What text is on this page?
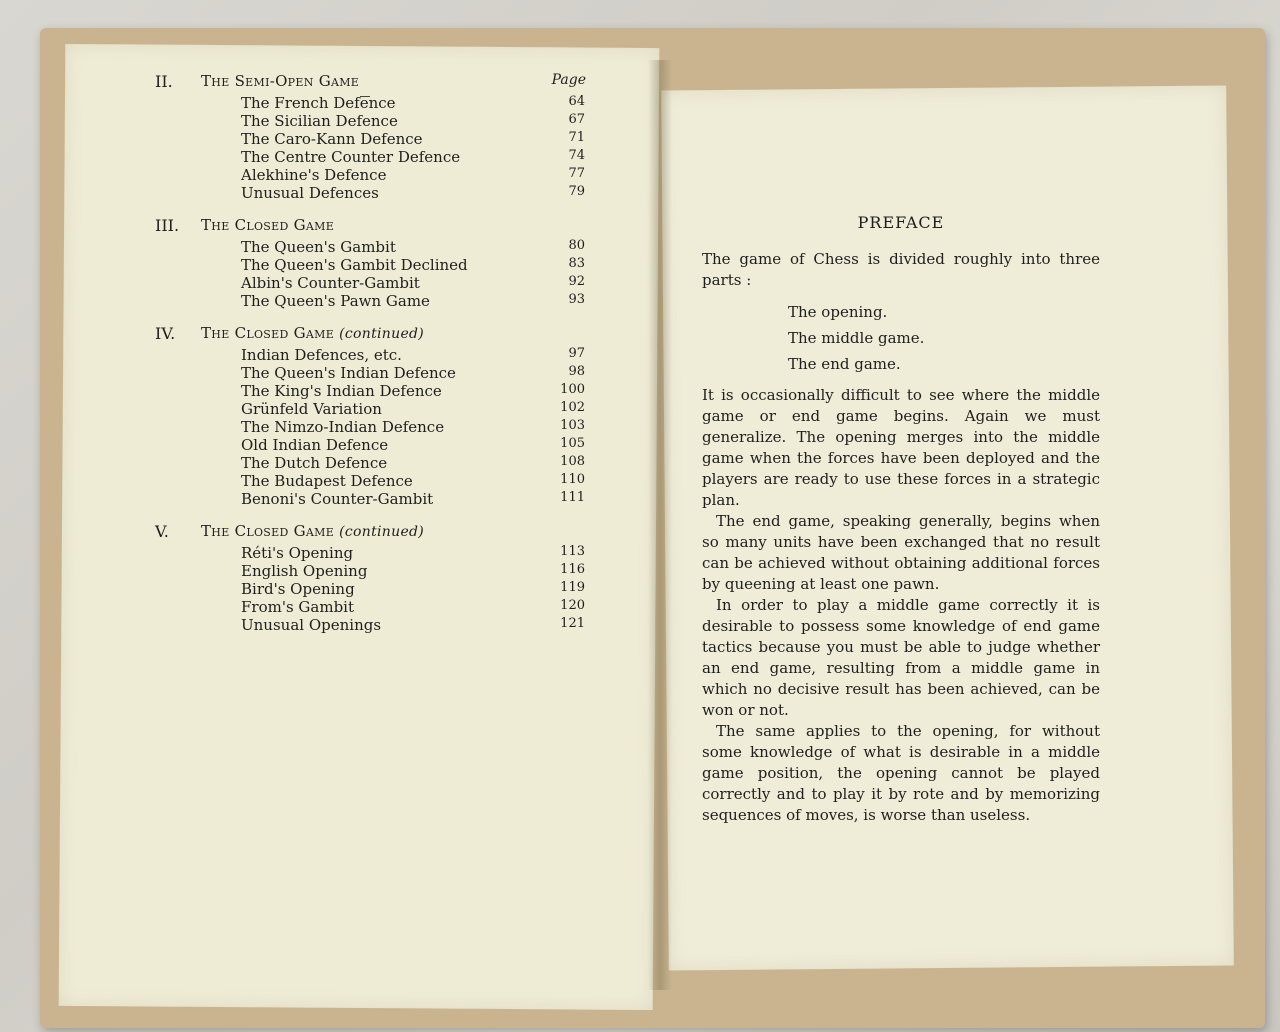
II. The Semi-Open Game	Page
The French Defence	64
The Sicilian Defence	67
The Caro-Kann Defence	71
The Centre Counter Defence	74
Alekhine's Defence	77
Unusual Defences	79
III. The Closed Game
The Queen's Gambit	80
The Queen's Gambit Declined	83
Albin's Counter-Gambit	92
The Queen's Pawn Game	93
IV. The Closed Game (continued)
Indian Defences, etc.	97
The Queen's Indian Defence	98
The King's Indian Defence	100
Grünfeld Variation	102
The Nimzo-Indian Defence	103
Old Indian Defence	105
The Dutch Defence	108
The Budapest Defence	110
Benoni's Counter-Gambit	111
V. The Closed Game (continued)
Réti's Opening	113
English Opening	116
Bird's Opening	119
From's Gambit	120
Unusual Openings	121
PREFACE

The game of Chess is divided roughly into three parts :

The opening.
The middle game.
The end game.

It is occasionally difficult to see where the middle game or end game begins. Again we must generalize. The opening merges into the middle game when the forces have been deployed and the players are ready to use these forces in a strategic plan.

The end game, speaking generally, begins when so many units have been exchanged that no result can be achieved without obtaining additional forces by queening at least one pawn.

In order to play a middle game correctly it is desirable to possess some knowledge of end game tactics because you must be able to judge whether an end game, resulting from a middle game in which no decisive result has been achieved, can be won or not.

The same applies to the opening, for without some knowledge of what is desirable in a middle game position, the opening cannot be played correctly and to play it by rote and by memorizing sequences of moves, is worse than useless.
